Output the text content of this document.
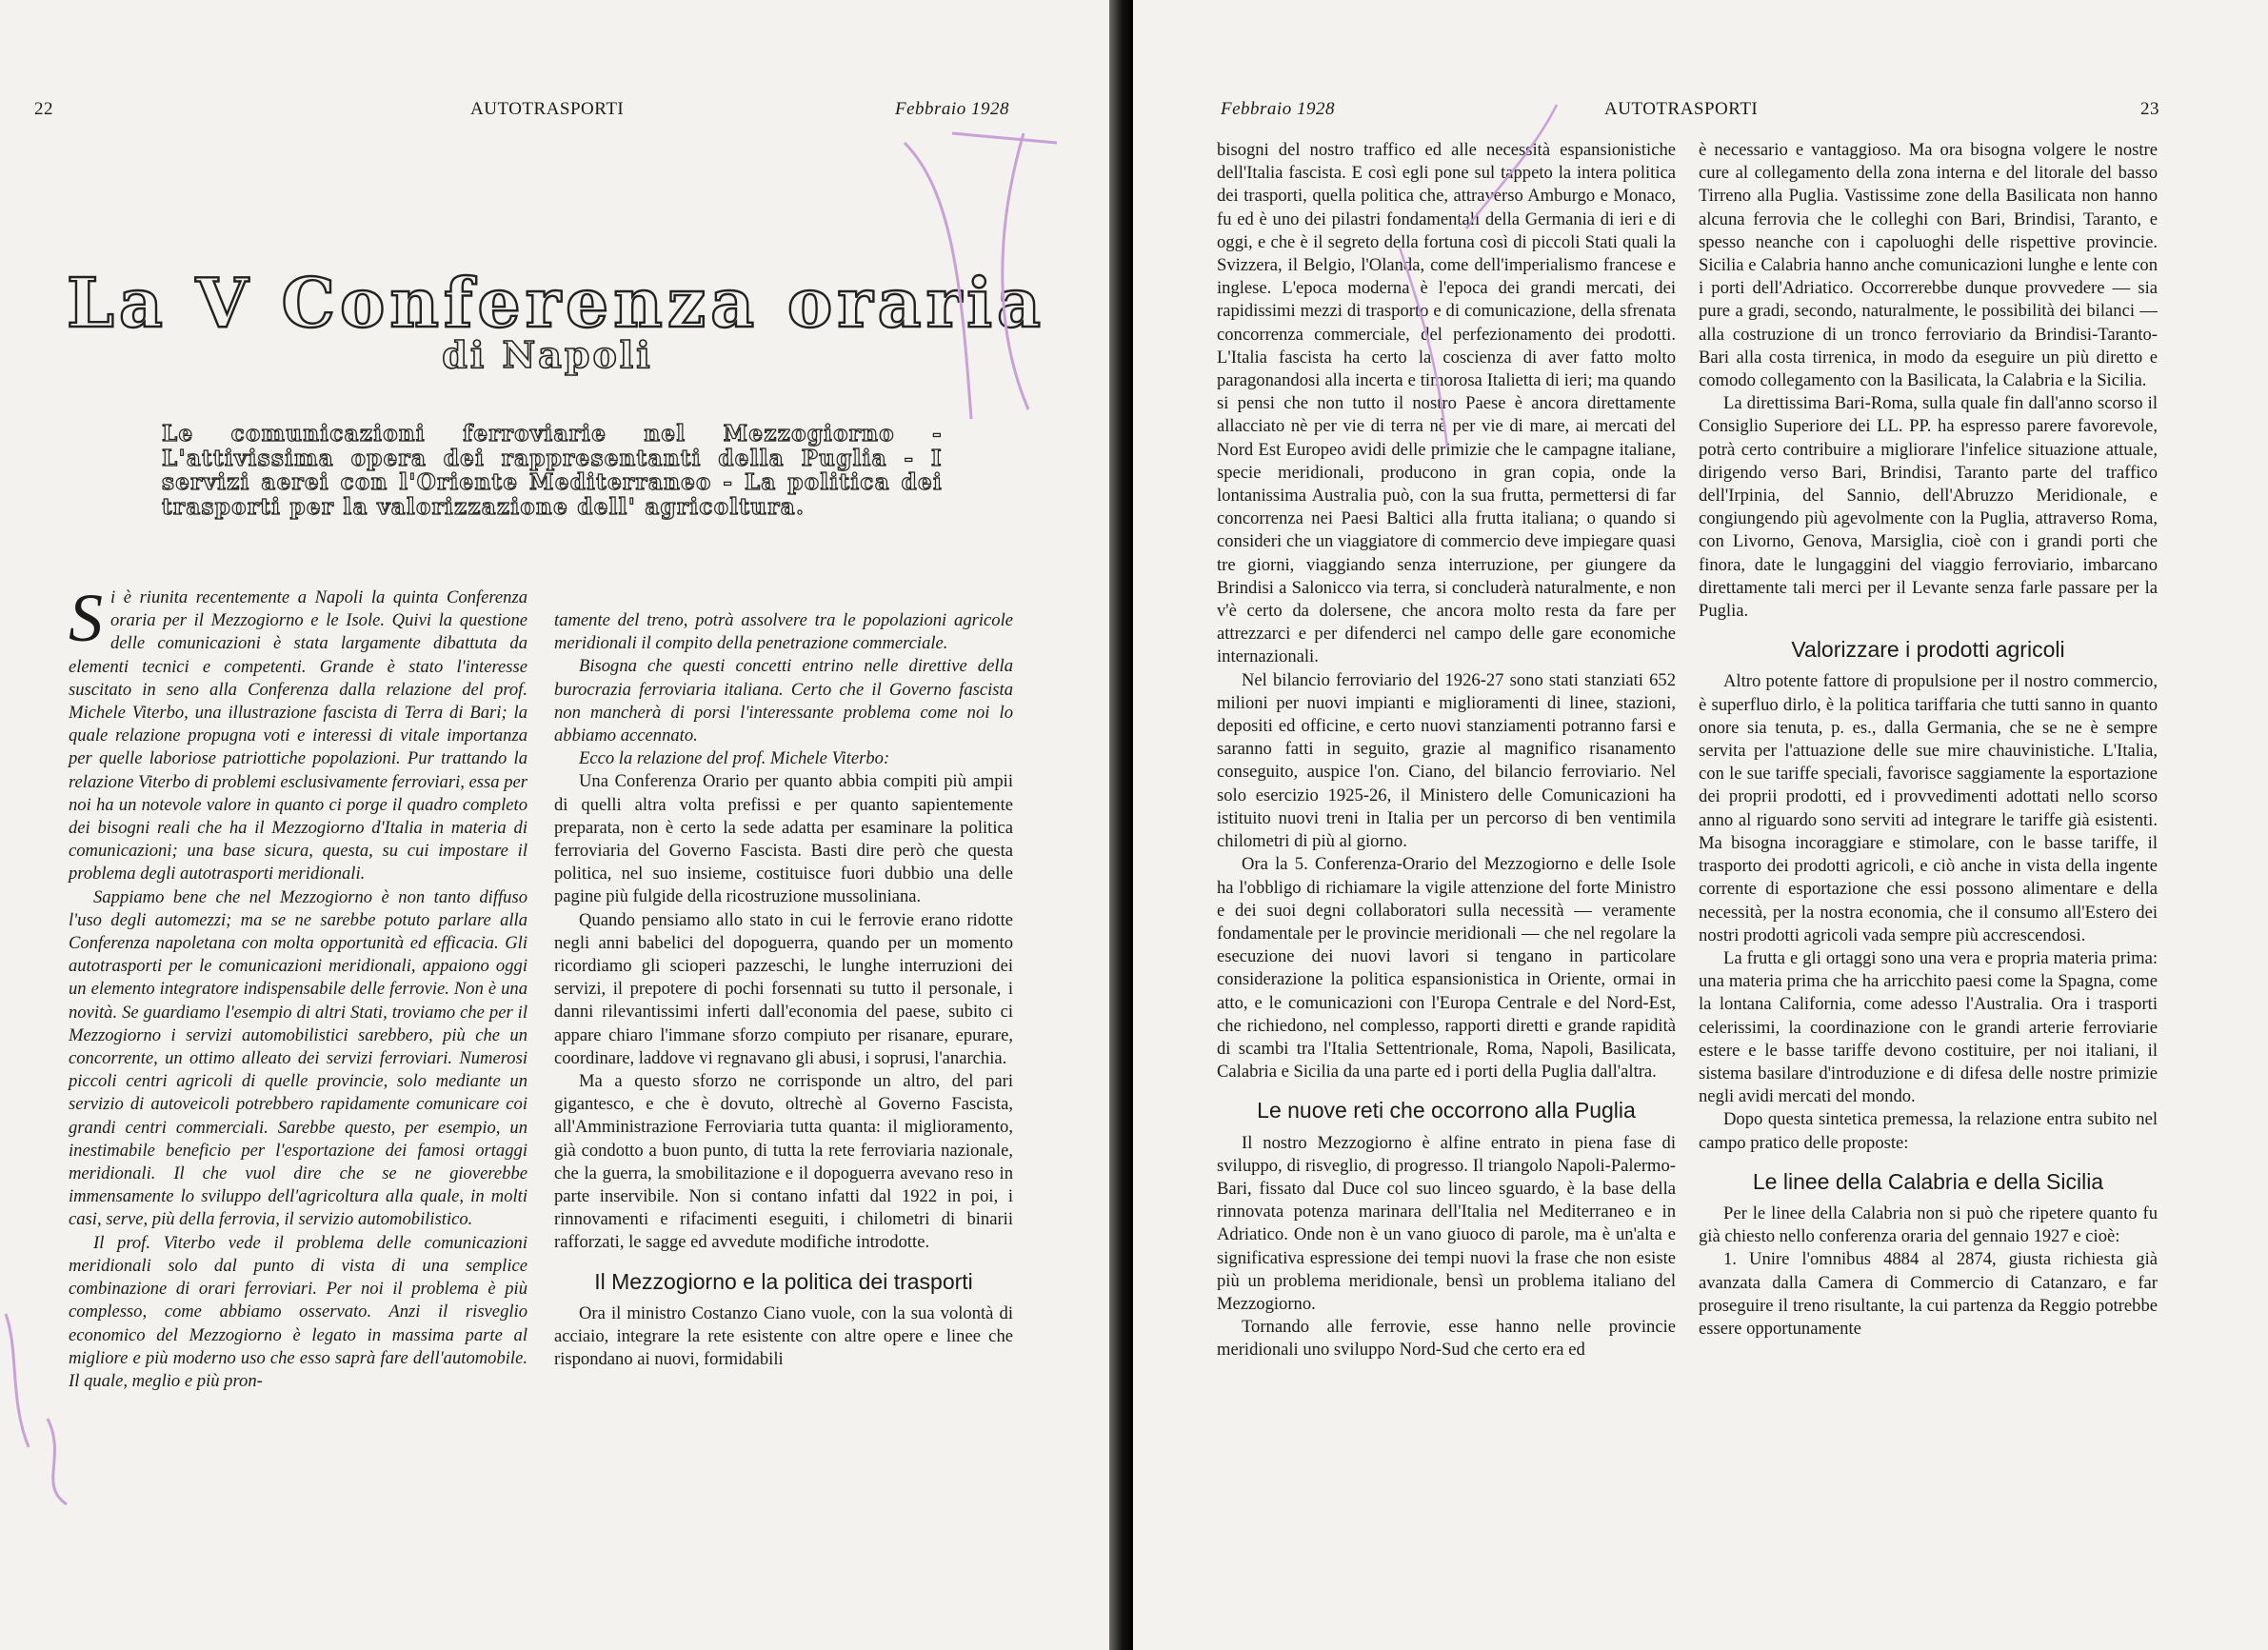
22	AUTOTRASPORTI	Febbraio 1928
La V Conferenza oraria
di Napoli
Le comunicazioni ferroviarie nel Mezzogiorno - L'attivissima opera dei rappresentanti della Puglia - I servizi aerei con l'Oriente Mediterraneo - La politica dei trasporti per la valorizzazione dell' agricoltura.

Si è riunita recentemente a Napoli la quinta Conferenza oraria per il Mezzogiorno e le Isole. Quivi la questione delle comunicazioni è stata largamente dibattuta da elementi tecnici e competenti. Grande è stato l'interesse suscitato in seno alla Conferenza dalla relazione del prof. Michele Viterbo, una illustrazione fascista di Terra di Bari; la quale relazione propugna voti e interessi di vitale importanza per quelle laboriose patriottiche popolazioni. Pur trattando la relazione Viterbo di problemi esclusivamente ferroviari, essa per noi ha un notevole valore in quanto ci porge il quadro completo dei bisogni reali che ha il Mezzogiorno d'Italia in materia di comunicazioni; una base sicura, questa, su cui impostare il problema degli autotrasporti meridionali.

Sappiamo bene che nel Mezzogiorno è non tanto diffuso l'uso degli automezzi; ma se ne sarebbe potuto parlare alla Conferenza napoletana con molta opportunità ed efficacia. Gli autotrasporti per le comunicazioni meridionali, appaiono oggi un elemento integratore indispensabile delle ferrovie. Non è una novità. Se guardiamo l'esempio di altri Stati, troviamo che per il Mezzogiorno i servizi automobilistici sarebbero, più che un concorrente, un ottimo alleato dei servizi ferroviari. Numerosi piccoli centri agricoli di quelle provincie, solo mediante un servizio di autoveicoli potrebbero rapidamente comunicare coi grandi centri commerciali. Sarebbe questo, per esempio, un inestimabile beneficio per l'esportazione dei famosi ortaggi meridionali. Il che vuol dire che se ne gioverebbe immensamente lo sviluppo dell'agricoltura alla quale, in molti casi, serve, più della ferrovia, il servizio automobilistico.

Il prof. Viterbo vede il problema delle comunicazioni meridionali solo dal punto di vista di una semplice combinazione di orari ferroviari. Per noi il problema è più complesso, come abbiamo osservato. Anzi il risveglio economico del Mezzogiorno è legato in massima parte al migliore e più moderno uso che esso saprà fare dell'automobile. Il quale, meglio e più pron-

tamente del treno, potrà assolvere tra le popolazioni agricole meridionali il compito della penetrazione commerciale.

Bisogna che questi concetti entrino nelle direttive della burocrazia ferroviaria italiana. Certo che il Governo fascista non mancherà di porsi l'interessante problema come noi lo abbiamo accennato.

Ecco la relazione del prof. Michele Viterbo:

Una Conferenza Orario per quanto abbia compiti più ampii di quelli altra volta prefissi e per quanto sapientemente preparata, non è certo la sede adatta per esaminare la politica ferroviaria del Governo Fascista. Basti dire però che questa politica, nel suo insieme, costituisce fuori dubbio una delle pagine più fulgide della ricostruzione mussoliniana.

Quando pensiamo allo stato in cui le ferrovie erano ridotte negli anni babelici del dopoguerra, quando per un momento ricordiamo gli scioperi pazzeschi, le lunghe interruzioni dei servizi, il prepotere di pochi forsennati su tutto il personale, i danni rilevantissimi inferti dall'economia del paese, subito ci appare chiaro l'immane sforzo compiuto per risanare, epurare, coordinare, laddove vi regnavano gli abusi, i soprusi, l'anarchia.

Ma a questo sforzo ne corrisponde un altro, del pari gigantesco, e che è dovuto, oltrechè al Governo Fascista, all'Amministrazione Ferroviaria tutta quanta: il miglioramento, già condotto a buon punto, di tutta la rete ferroviaria nazionale, che la guerra, la smobilitazione e il dopoguerra avevano reso in parte inservibile. Non si contano infatti dal 1922 in poi, i rinnovamenti e rifacimenti eseguiti, i chilometri di binarii rafforzati, le sagge ed avvedute modifiche introdotte.

Il Mezzogiorno e la politica dei trasporti

Ora il ministro Costanzo Ciano vuole, con la sua volontà di acciaio, integrare la rete esistente con altre opere e linee che rispondano ai nuovi, formidabili

Febbraio 1928	AUTOTRASPORTI	23

bisogni del nostro traffico ed alle necessità espansionistiche dell'Italia fascista. E così egli pone sul tappeto la intera politica dei trasporti, quella politica che, attraverso Amburgo e Monaco, fu ed è uno dei pilastri fondamentali della Germania di ieri e di oggi, e che è il segreto della fortuna così di piccoli Stati quali la Svizzera, il Belgio, l'Olanda, come dell'imperialismo francese e inglese. L'epoca moderna è l'epoca dei grandi mercati, dei rapidissimi mezzi di trasporto e di comunicazione, della sfrenata concorrenza commerciale, del perfezionamento dei prodotti. L'Italia fascista ha certo la coscienza di aver fatto molto paragonandosi alla incerta e timorosa Italietta di ieri; ma quando si pensi che non tutto il nostro Paese è ancora direttamente allacciato nè per vie di terra nè per vie di mare, ai mercati del Nord Est Europeo avidi delle primizie che le campagne italiane, specie meridionali, producono in gran copia, onde la lontanissima Australia può, con la sua frutta, permettersi di far concorrenza nei Paesi Baltici alla frutta italiana; o quando si consideri che un viaggiatore di commercio deve impiegare quasi tre giorni, viaggiando senza interruzione, per giungere da Brindisi a Salonicco via terra, si concluderà naturalmente, e non v'è certo da dolersene, che ancora molto resta da fare per attrezzarci e per difenderci nel campo delle gare economiche internazionali.

Nel bilancio ferroviario del 1926-27 sono stati stanziati 652 milioni per nuovi impianti e miglioramenti di linee, stazioni, depositi ed officine, e certo nuovi stanziamenti potranno farsi e saranno fatti in seguito, grazie al magnifico risanamento conseguito, auspice l'on. Ciano, del bilancio ferroviario. Nel solo esercizio 1925-26, il Ministero delle Comunicazioni ha istituito nuovi treni in Italia per un percorso di ben ventimila chilometri di più al giorno.

Ora la 5. Conferenza-Orario del Mezzogiorno e delle Isole ha l'obbligo di richiamare la vigile attenzione del forte Ministro e dei suoi degni collaboratori sulla necessità — veramente fondamentale per le provincie meridionali — che nel regolare la esecuzione dei nuovi lavori si tengano in particolare considerazione la politica espansionistica in Oriente, ormai in atto, e le comunicazioni con l'Europa Centrale e del Nord-Est, che richiedono, nel complesso, rapporti diretti e grande rapidità di scambi tra l'Italia Settentrionale, Roma, Napoli, Basilicata, Calabria e Sicilia da una parte ed i porti della Puglia dall'altra.

Le nuove reti che occorrono alla Puglia

Il nostro Mezzogiorno è alfine entrato in piena fase di sviluppo, di risveglio, di progresso. Il triangolo Napoli-Palermo-Bari, fissato dal Duce col suo linceo sguardo, è la base della rinnovata potenza marinara dell'Italia nel Mediterraneo e in Adriatico. Onde non è un vano giuoco di parole, ma è un'alta e significativa espressione dei tempi nuovi la frase che non esiste più un problema meridionale, bensì un problema italiano del Mezzogiorno.

Tornando alle ferrovie, esse hanno nelle provincie meridionali uno sviluppo Nord-Sud che certo era ed

è necessario e vantaggioso. Ma ora bisogna volgere le nostre cure al collegamento della zona interna e del litorale del basso Tirreno alla Puglia. Vastissime zone della Basilicata non hanno alcuna ferrovia che le colleghi con Bari, Brindisi, Taranto, e spesso neanche con i capoluoghi delle rispettive provincie. Sicilia e Calabria hanno anche comunicazioni lunghe e lente con i porti dell'Adriatico. Occorrerebbe dunque provvedere — sia pure a gradi, secondo, naturalmente, le possibilità dei bilanci — alla costruzione di un tronco ferroviario da Brindisi-Taranto-Bari alla costa tirrenica, in modo da eseguire un più diretto e comodo collegamento con la Basilicata, la Calabria e la Sicilia.

La direttissima Bari-Roma, sulla quale fin dall'anno scorso il Consiglio Superiore dei LL. PP. ha espresso parere favorevole, potrà certo contribuire a migliorare l'infelice situazione attuale, dirigendo verso Bari, Brindisi, Taranto parte del traffico dell'Irpinia, del Sannio, dell'Abruzzo Meridionale, e congiungendo più agevolmente con la Puglia, attraverso Roma, con Livorno, Genova, Marsiglia, cioè con i grandi porti che finora, date le lungaggini del viaggio ferroviario, imbarcano direttamente tali merci per il Levante senza farle passare per la Puglia.

Valorizzare i prodotti agricoli

Altro potente fattore di propulsione per il nostro commercio, è superfluo dirlo, è la politica tariffaria che tutti sanno in quanto onore sia tenuta, p. es., dalla Germania, che se ne è sempre servita per l'attuazione delle sue mire chauvinistiche. L'Italia, con le sue tariffe speciali, favorisce saggiamente la esportazione dei proprii prodotti, ed i provvedimenti adottati nello scorso anno al riguardo sono serviti ad integrare le tariffe già esistenti. Ma bisogna incoraggiare e stimolare, con le basse tariffe, il trasporto dei prodotti agricoli, e ciò anche in vista della ingente corrente di esportazione che essi possono alimentare e della necessità, per la nostra economia, che il consumo all'Estero dei nostri prodotti agricoli vada sempre più accrescendosi.

La frutta e gli ortaggi sono una vera e propria materia prima: una materia prima che ha arricchito paesi come la Spagna, come la lontana California, come adesso l'Australia. Ora i trasporti celerissimi, la coordinazione con le grandi arterie ferroviarie estere e le basse tariffe devono costituire, per noi italiani, il sistema basilare d'introduzione e di difesa delle nostre primizie negli avidi mercati del mondo.

Dopo questa sintetica premessa, la relazione entra subito nel campo pratico delle proposte:

Le linee della Calabria e della Sicilia

Per le linee della Calabria non si può che ripetere quanto fu già chiesto nello conferenza oraria del gennaio 1927 e cioè:

1. Unire l'omnibus 4884 al 2874, giusta richiesta già avanzata dalla Camera di Commercio di Catanzaro, e far proseguire il treno risultante, la cui partenza da Reggio potrebbe essere opportunamente
